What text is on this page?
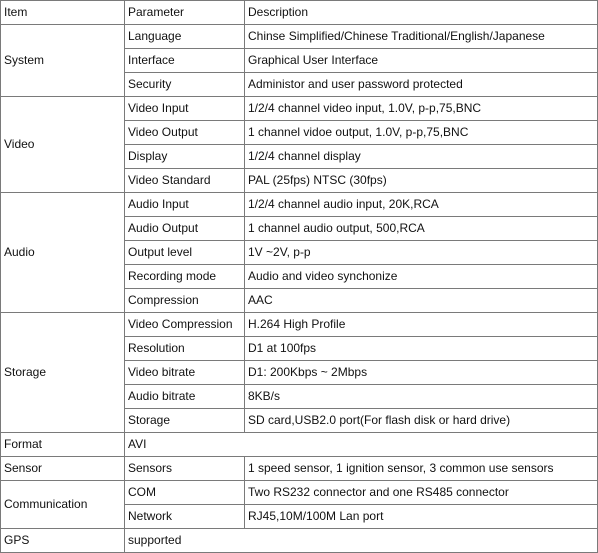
Item	Parameter	Description
System	Language	Chinse Simplified/Chinese Traditional/English/Japanese
	Interface	Graphical User Interface
	Security	Administor and user password protected
Video	Video Input	1/2/4 channel video input, 1.0V, p-p,75,BNC
	Video Output	1 channel vidoe output, 1.0V, p-p,75,BNC
	Display	1/2/4 channel display
	Video Standard	PAL (25fps) NTSC (30fps)
Audio	Audio Input	1/2/4 channel audio input, 20K,RCA
	Audio Output	1 channel audio output, 500,RCA
	Output level	1V ~2V, p-p
	Recording mode	Audio and video synchonize
	Compression	AAC
Storage	Video Compression	H.264 High Profile
	Resolution	D1 at 100fps
	Video bitrate	D1: 200Kbps ~ 2Mbps
	Audio bitrate	8KB/s
	Storage	SD card,USB2.0 port(For flash disk or hard drive)
Format	AVI	
Sensor	Sensors	1 speed sensor, 1 ignition sensor, 3 common use sensors
Communication	COM	Two RS232 connector and one RS485 connector
	Network	RJ45,10M/100M Lan port
GPS	supported	
